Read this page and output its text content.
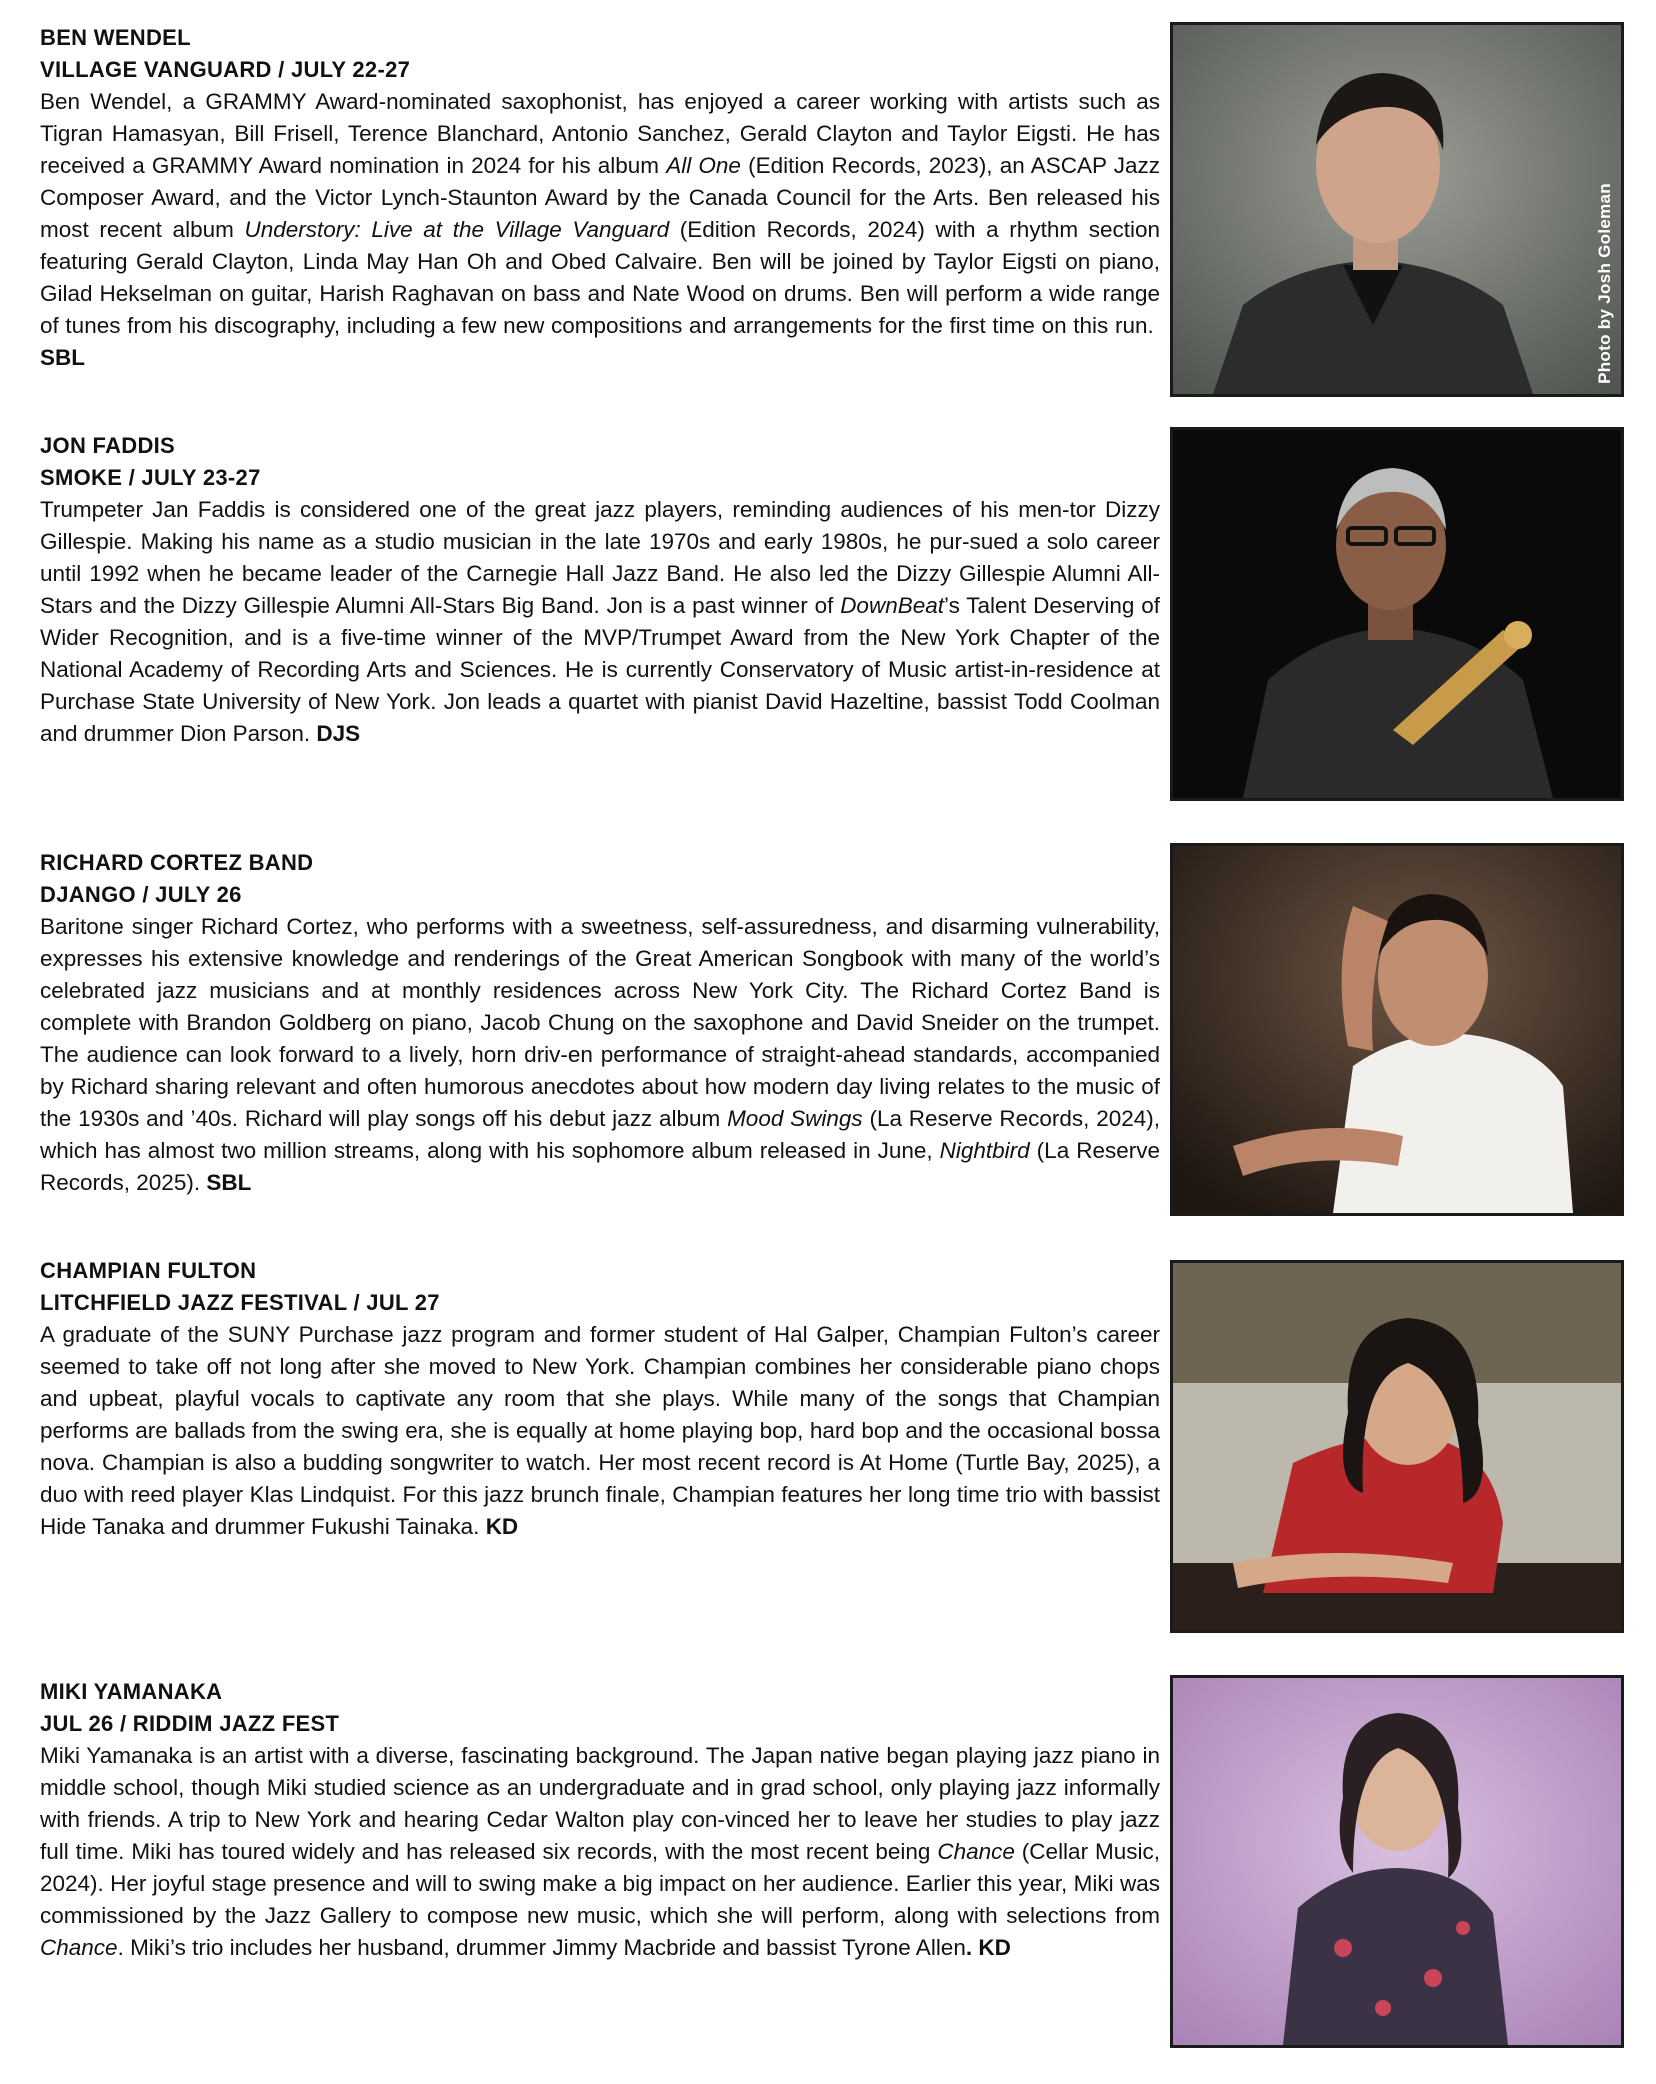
BEN WENDEL
VILLAGE VANGUARD / JULY 22-27

Ben Wendel, a GRAMMY Award-nominated saxophonist, has enjoyed a career working with artists such as Tigran Hamasyan, Bill Frisell, Terence Blanchard, Antonio Sanchez, Gerald Clayton and Taylor Eigsti. He has received a GRAMMY Award nomination in 2024 for his album All One (Edition Records, 2023), an ASCAP Jazz Composer Award, and the Victor Lynch-Staunton Award by the Canada Council for the Arts. Ben released his most recent album Understory: Live at the Village Vanguard (Edition Records, 2024) with a rhythm section featuring Gerald Clayton, Linda May Han Oh and Obed Calvaire. Ben will be joined by Taylor Eigsti on piano, Gilad Hekselman on guitar, Harish Raghavan on bass and Nate Wood on drums. Ben will perform a wide range of tunes from his discography, including a few new compositions and arrangements for the first time on this run.  SBL	Photo by Josh Goleman
JON FADDIS
SMOKE / JULY 23-27

Trumpeter Jan Faddis is considered one of the great jazz players, reminding audiences of his men-tor Dizzy Gillespie. Making his name as a studio musician in the late 1970s and early 1980s, he pur-sued a solo career until 1992 when he became leader of the Carnegie Hall Jazz Band. He also led the Dizzy Gillespie Alumni All-Stars and the Dizzy Gillespie Alumni All-Stars Big Band. Jon is a past winner of DownBeat’s Talent Deserving of Wider Recognition, and is a five-time winner of the MVP/Trumpet Award from the New York Chapter of the National Academy of Recording Arts and Sciences. He is currently Conservatory of Music artist-in-residence at Purchase State University of New York. Jon leads a quartet with pianist David Hazeltine, bassist Todd Coolman and drummer Dion Parson. DJS

RICHARD CORTEZ BAND
DJANGO / JULY 26

Baritone singer Richard Cortez, who performs with a sweetness, self-assuredness, and disarming vulnerability, expresses his extensive knowledge and renderings of the Great American Songbook with many of the world’s celebrated jazz musicians and at monthly residences across New York City. The Richard Cortez Band is complete with Brandon Goldberg on piano, Jacob Chung on the saxophone and David Sneider on the trumpet. The audience can look forward to a lively, horn driv-en performance of straight-ahead standards, accompanied by Richard sharing relevant and often humorous anecdotes about how modern day living relates to the music of the 1930s and ’40s. Richard will play songs off his debut jazz album Mood Swings (La Reserve Records, 2024), which has almost two million streams, along with his sophomore album released in June, Nightbird (La Reserve Records, 2025). SBL

CHAMPIAN FULTON
LITCHFIELD JAZZ FESTIVAL / JUL 27

A graduate of the SUNY Purchase jazz program and former student of Hal Galper, Champian Fulton’s career seemed to take off not long after she moved to New York. Champian combines her considerable piano chops and upbeat, playful vocals to captivate any room that she plays. While many of the songs that Champian performs are ballads from the swing era, she is equally at home playing bop, hard bop and the occasional bossa nova. Champian is also a budding songwriter to watch. Her most recent record is At Home (Turtle Bay, 2025), a duo with reed player Klas Lindquist. For this jazz brunch finale, Champian features her long time trio with bassist Hide Tanaka and drummer Fukushi Tainaka. KD

MIKI YAMANAKA
JUL 26 / RIDDIM JAZZ FEST

Miki Yamanaka is an artist with a diverse, fascinating background. The Japan native began playing jazz piano in middle school, though Miki studied science as an undergraduate and in grad school, only playing jazz informally with friends. A trip to New York and hearing Cedar Walton play con-vinced her to leave her studies to play jazz full time. Miki has toured widely and has released six records, with the most recent being Chance (Cellar Music, 2024). Her joyful stage presence and will to swing make a big impact on her audience. Earlier this year, Miki was commissioned by the Jazz Gallery to compose new music, which she will perform, along with selections from Chance. Miki’s trio includes her husband, drummer Jimmy Macbride and bassist Tyrone Allen. KD
